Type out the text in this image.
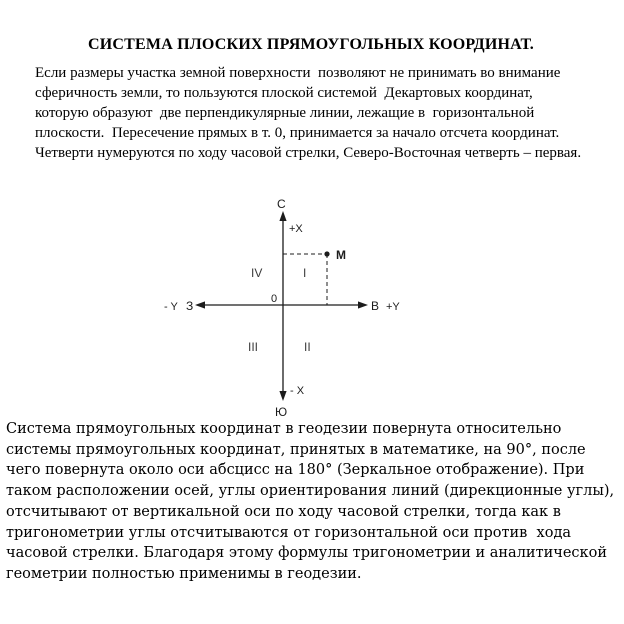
СИСТЕМА ПЛОСКИХ ПРЯМОУГОЛЬНЫХ КООРДИНАТ.
Если размеры участка земной поверхности  позволяют не принимать во внимание сферичность земли, то пользуются плоской системой  Декартовых координат, которую образуют  две перпендикулярные линии, лежащие в  горизонтальной  плоскости.  Пересечение прямых в т. 0, принимается за начало отсчета координат. Четверти нумеруются по ходу часовой стрелки, Северо-Восточная четверть – первая.
С
+X
M
IV	I
- Y З	0	В +Y
III	II
- X
Ю
Система прямоугольных координат в геодезии повернута относительно системы прямоугольных координат, принятых в математике, на 90°, после чего повернута около оси абсцисс на 180° (Зеркальное отображение). При таком расположении осей, углы ориентирования линий (дирекционные углы), отсчитывают от вертикальной оси по ходу часовой стрелки, тогда как в тригонометрии углы отсчитываются от горизонтальной оси против  хода часовой стрелки. Благодаря этому формулы тригонометрии и аналитической геометрии полностью применимы в геодезии.
